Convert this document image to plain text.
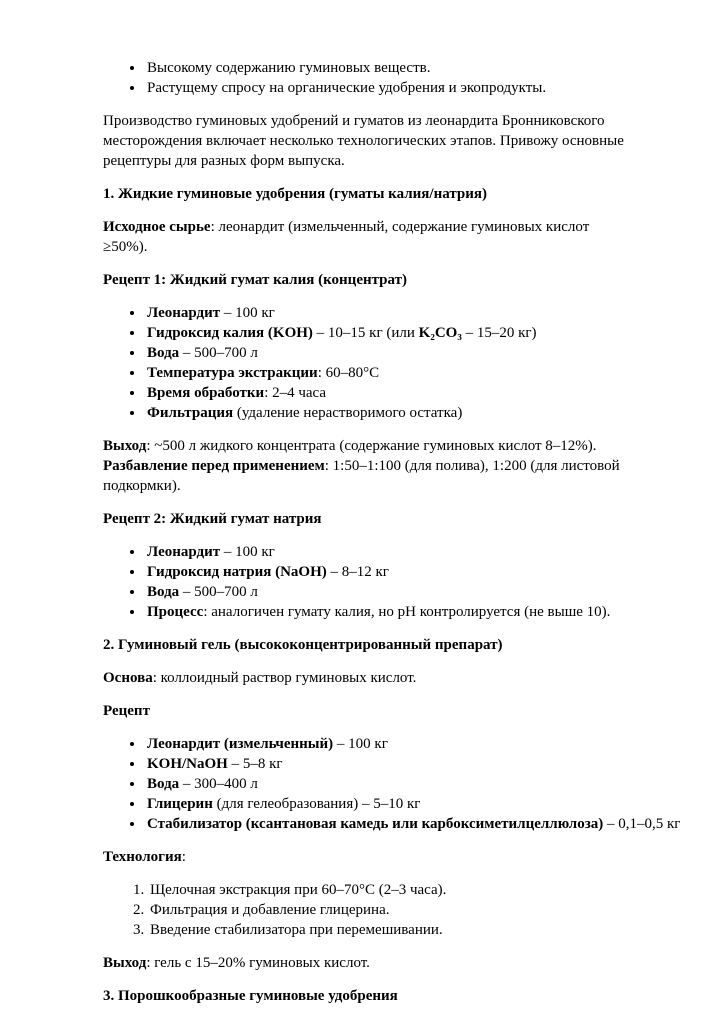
• Высокому содержанию гуминовых веществ.
• Растущему спросу на органические удобрения и экопродукты.

Производство гуминовых удобрений и гуматов из леонардита Бронниковского месторождения включает несколько технологических этапов. Привожу основные рецептуры для разных форм выпуска.

1. Жидкие гуминовые удобрения (гуматы калия/натрия)

Исходное сырье: леонардит (измельченный, содержание гуминовых кислот ≥50%).

Рецепт 1: Жидкий гумат калия (концентрат)

• Леонардит – 100 кг
• Гидроксид калия (KOH) – 10–15 кг (или K₂CO₃ – 15–20 кг)
• Вода – 500–700 л
• Температура экстракции: 60–80°C
• Время обработки: 2–4 часа
• Фильтрация (удаление нерастворимого остатка)

Выход: ~500 л жидкого концентрата (содержание гуминовых кислот 8–12%). Разбавление перед применением: 1:50–1:100 (для полива), 1:200 (для листовой подкормки).

Рецепт 2: Жидкий гумат натрия

• Леонардит – 100 кг
• Гидроксид натрия (NaOH) – 8–12 кг
• Вода – 500–700 л
• Процесс: аналогичен гумату калия, но pH контролируется (не выше 10).

2. Гуминовый гель (высококонцентрированный препарат)

Основа: коллоидный раствор гуминовых кислот.

Рецепт

• Леонардит (измельченный) – 100 кг
• KOH/NaOH – 5–8 кг
• Вода – 300–400 л
• Глицерин (для гелеобразования) – 5–10 кг
• Стабилизатор (ксантановая камедь или карбоксиметилцеллюлоза) – 0,1–0,5 кг

Технология:

1. Щелочная экстракция при 60–70°C (2–3 часа).
2. Фильтрация и добавление глицерина.
3. Введение стабилизатора при перемешивании.

Выход: гель с 15–20% гуминовых кислот.

3. Порошкообразные гуминовые удобрения
